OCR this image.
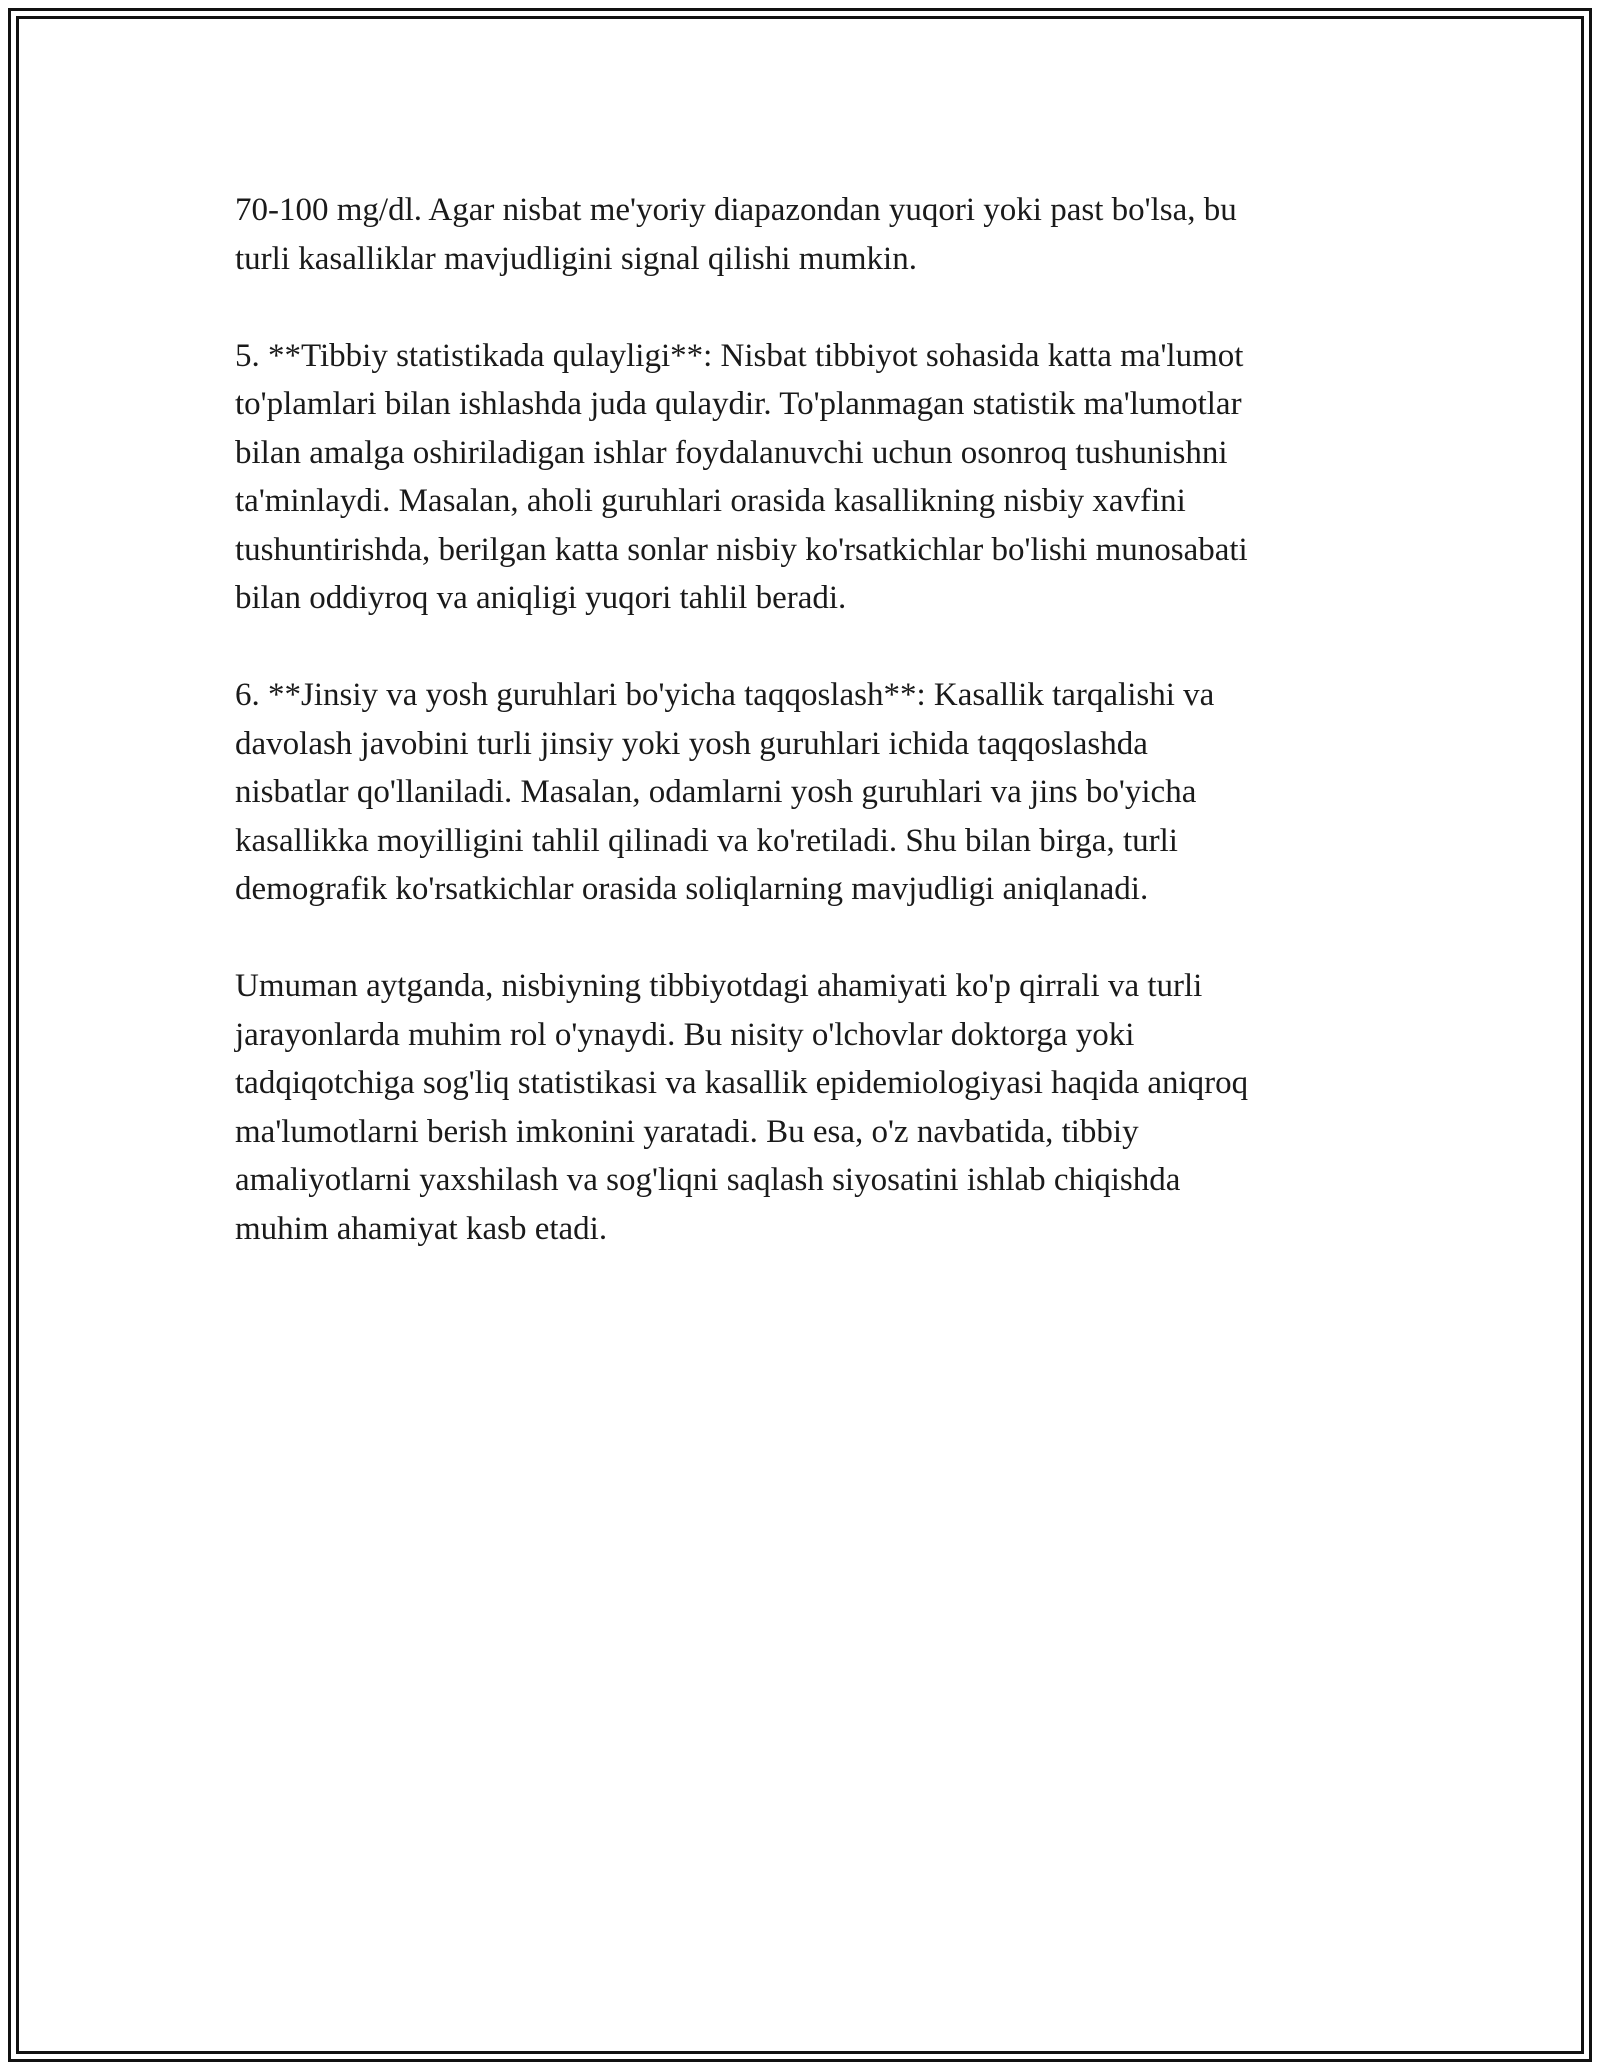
70-100 mg/dl. Agar nisbat me'yoriy diapazondan yuqori yoki past bo'lsa, bu
turli kasalliklar mavjudligini signal qilishi mumkin.

5. **Tibbiy statistikada qulayligi**: Nisbat tibbiyot sohasida katta ma'lumot
to'plamlari bilan ishlashda juda qulaydir. To'planmagan statistik ma'lumotlar
bilan amalga oshiriladigan ishlar foydalanuvchi uchun osonroq tushunishni
ta'minlaydi. Masalan, aholi guruhlari orasida kasallikning nisbiy xavfini
tushuntirishda, berilgan katta sonlar nisbiy ko'rsatkichlar bo'lishi munosabati
bilan oddiyroq va aniqligi yuqori tahlil beradi.

6. **Jinsiy va yosh guruhlari bo'yicha taqqoslash**: Kasallik tarqalishi va
davolash javobini turli jinsiy yoki yosh guruhlari ichida taqqoslashda
nisbatlar qo'llaniladi. Masalan, odamlarni yosh guruhlari va jins bo'yicha
kasallikka moyilligini tahlil qilinadi va ko'retiladi. Shu bilan birga, turli
demografik ko'rsatkichlar orasida soliqlarning mavjudligi aniqlanadi.

Umuman aytganda, nisbiyning tibbiyotdagi ahamiyati ko'p qirrali va turli
jarayonlarda muhim rol o'ynaydi. Bu nisity o'lchovlar doktorga yoki
tadqiqotchiga sog'liq statistikasi va kasallik epidemiologiyasi haqida aniqroq
ma'lumotlarni berish imkonini yaratadi. Bu esa, o'z navbatida, tibbiy
amaliyotlarni yaxshilash va sog'liqni saqlash siyosatini ishlab chiqishda
muhim ahamiyat kasb etadi.
